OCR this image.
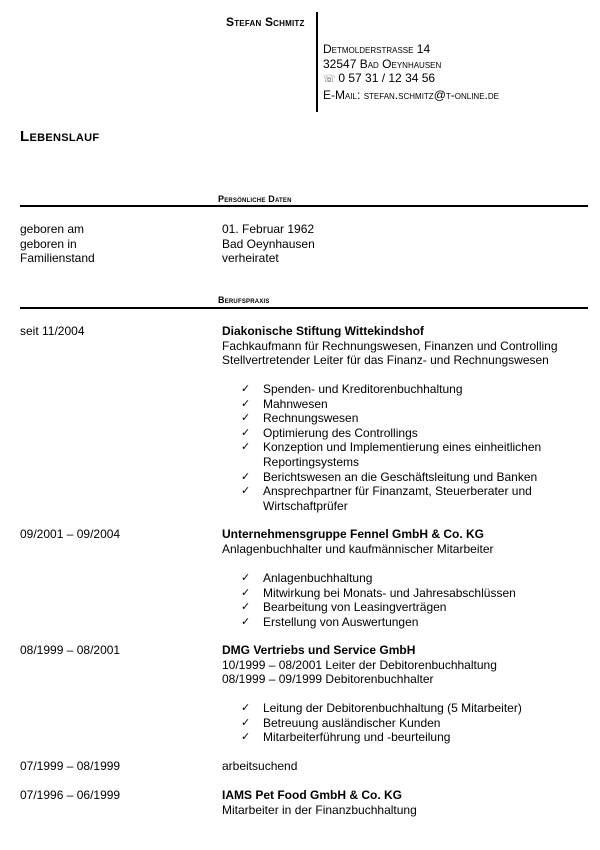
Stefan Schmitz
Detmolderstrasse 14
32547 Bad Oeynhausen
☏ 0 57 31 / 12 34 56
E-Mail: stefan.schmitz@t-online.de
Lebenslauf
Persönliche Daten
geboren am	01. Februar 1962
geboren in	Bad Oeynhausen
Familienstand	verheiratet
Berufspraxis
seit 11/2004	Diakonische Stiftung Wittekindshof
Fachkaufmann für Rechnungswesen, Finanzen und Controlling
Stellvertretender Leiter für das Finanz- und Rechnungswesen
✓ Spenden- und Kreditorenbuchhaltung
✓ Mahnwesen
✓ Rechnungswesen
✓ Optimierung des Controllings
✓ Konzeption und Implementierung eines einheitlichen Reportingsystems
✓ Berichtswesen an die Geschäftsleitung und Banken
✓ Ansprechpartner für Finanzamt, Steuerberater und Wirtschaftprüfer
09/2001 – 09/2004	Unternehmensgruppe Fennel GmbH & Co. KG
Anlagenbuchhalter und kaufmännischer Mitarbeiter
✓ Anlagenbuchhaltung
✓ Mitwirkung bei Monats- und Jahresabschlüssen
✓ Bearbeitung von Leasingverträgen
✓ Erstellung von Auswertungen
08/1999 – 08/2001	DMG Vertriebs und Service GmbH
10/1999 – 08/2001 Leiter der Debitorenbuchhaltung
08/1999 – 09/1999 Debitorenbuchhalter
✓ Leitung der Debitorenbuchhaltung (5 Mitarbeiter)
✓ Betreuung ausländischer Kunden
✓ Mitarbeiterführung und -beurteilung
07/1999 – 08/1999	arbeitsuchend
07/1996 – 06/1999	IAMS Pet Food GmbH & Co. KG
Mitarbeiter in der Finanzbuchhaltung
